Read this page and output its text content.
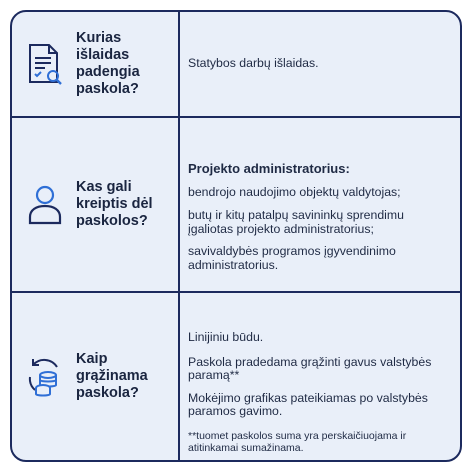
Kurias išlaidas
padengia
paskola?

Statybos darbų išlaidas.

Kas gali
kreiptis dėl
paskolos?

Projekto administratorius:

bendrojo naudojimo objektų valdytojas;

butų ir kitų patalpų savininkų sprendimu įgaliotas projekto administratorius;

savivaldybės programos įgyvendinimo administratorius.

Kaip
grąžinama
paskola?

Linijiniu būdu.

Paskola pradedama grąžinti gavus valstybės paramą**

Mokėjimo grafikas pateikiamas po valstybės paramos gavimo.

**tuomet paskolos suma yra perskaičiuojama ir atitinkamai sumažinama.
